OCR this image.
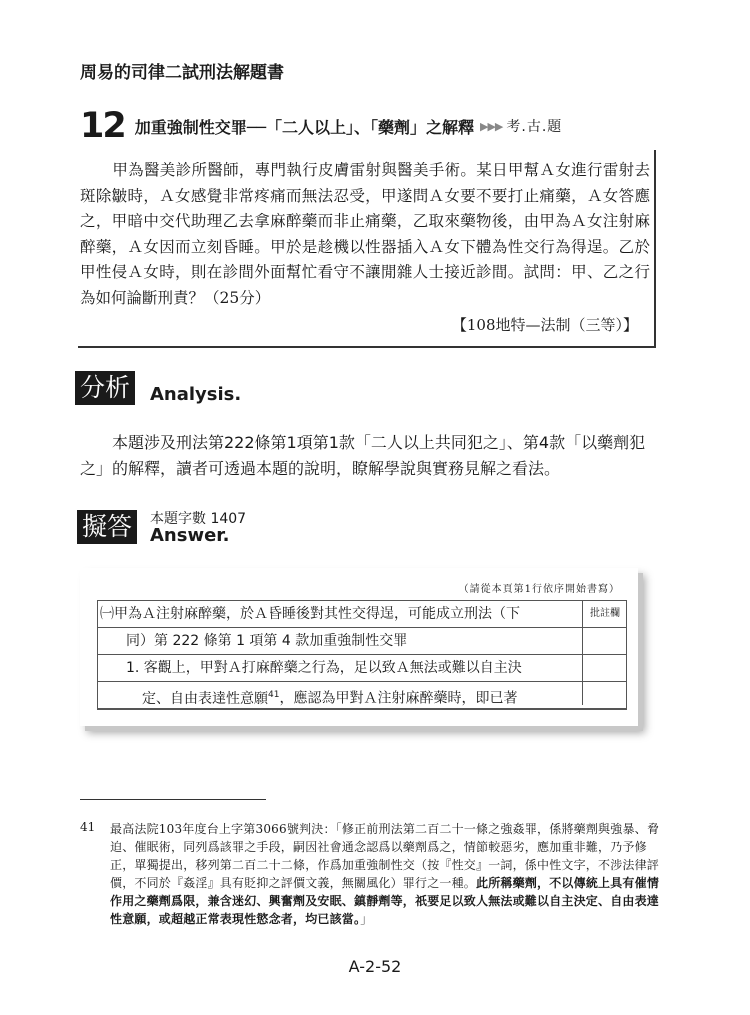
周易的司律二試刑法解題書
12 加重強制性交罪──「二人以上」、「藥劑」之解釋 ▶▶▶ 考.古.題
甲為醫美診所醫師，專門執行皮膚雷射與醫美手術。某日甲幫Ａ女進行雷射去斑除皺時，Ａ女感覺非常疼痛而無法忍受，甲遂問Ａ女要不要打止痛藥，Ａ女答應之，甲暗中交代助理乙去拿麻醉藥而非止痛藥，乙取來藥物後，由甲為Ａ女注射麻醉藥，Ａ女因而立刻昏睡。甲於是趁機以性器插入Ａ女下體為性交行為得逞。乙於甲性侵Ａ女時，則在診間外面幫忙看守不讓閒雜人士接近診間。試問：甲、乙之行為如何論斷刑責？（25分）
【108地特—法制（三等）】
分析 Analysis.
本題涉及刑法第222條第1項第1款「二人以上共同犯之」、第4款「以藥劑犯之」的解釋，讀者可透過本題的說明，瞭解學說與實務見解之看法。
擬答	本題字數 1407
Answer.
（請從本頁第1行依序開始書寫）
㈠甲為Ａ注射麻醉藥，於Ａ昏睡後對其性交得逞，可能成立刑法（下
同）第 222 條第 1 項第 4 款加重強制性交罪
1. 客觀上，甲對Ａ打麻醉藥之行為，足以致Ａ無法或難以自主決
定、自由表達性意願$^{41}$，應認為甲對Ａ注射麻醉藥時，即已著
批註欄
41 最高法院103年度台上字第3066號判決：「修正前刑法第二百二十一條之強姦罪，係將藥劑與強暴、脅迫、催眠術，同列爲該罪之手段，嗣因社會通念認爲以藥劑爲之，情節較惡劣，應加重非難，乃予修正，單獨提出，移列第二百二十二條，作爲加重強制性交（按『性交』一詞，係中性文字，不涉法律評價，不同於『姦淫』具有貶抑之評價文義，無關風化）罪行之一種。此所稱藥劑，不以傳統上具有催情作用之藥劑爲限，兼含迷幻、興奮劑及安眠、鎮靜劑等，祇要足以致人無法或難以自主決定、自由表達性意願，或超越正常表現性慾念者，均已該當。」
A-2-52
